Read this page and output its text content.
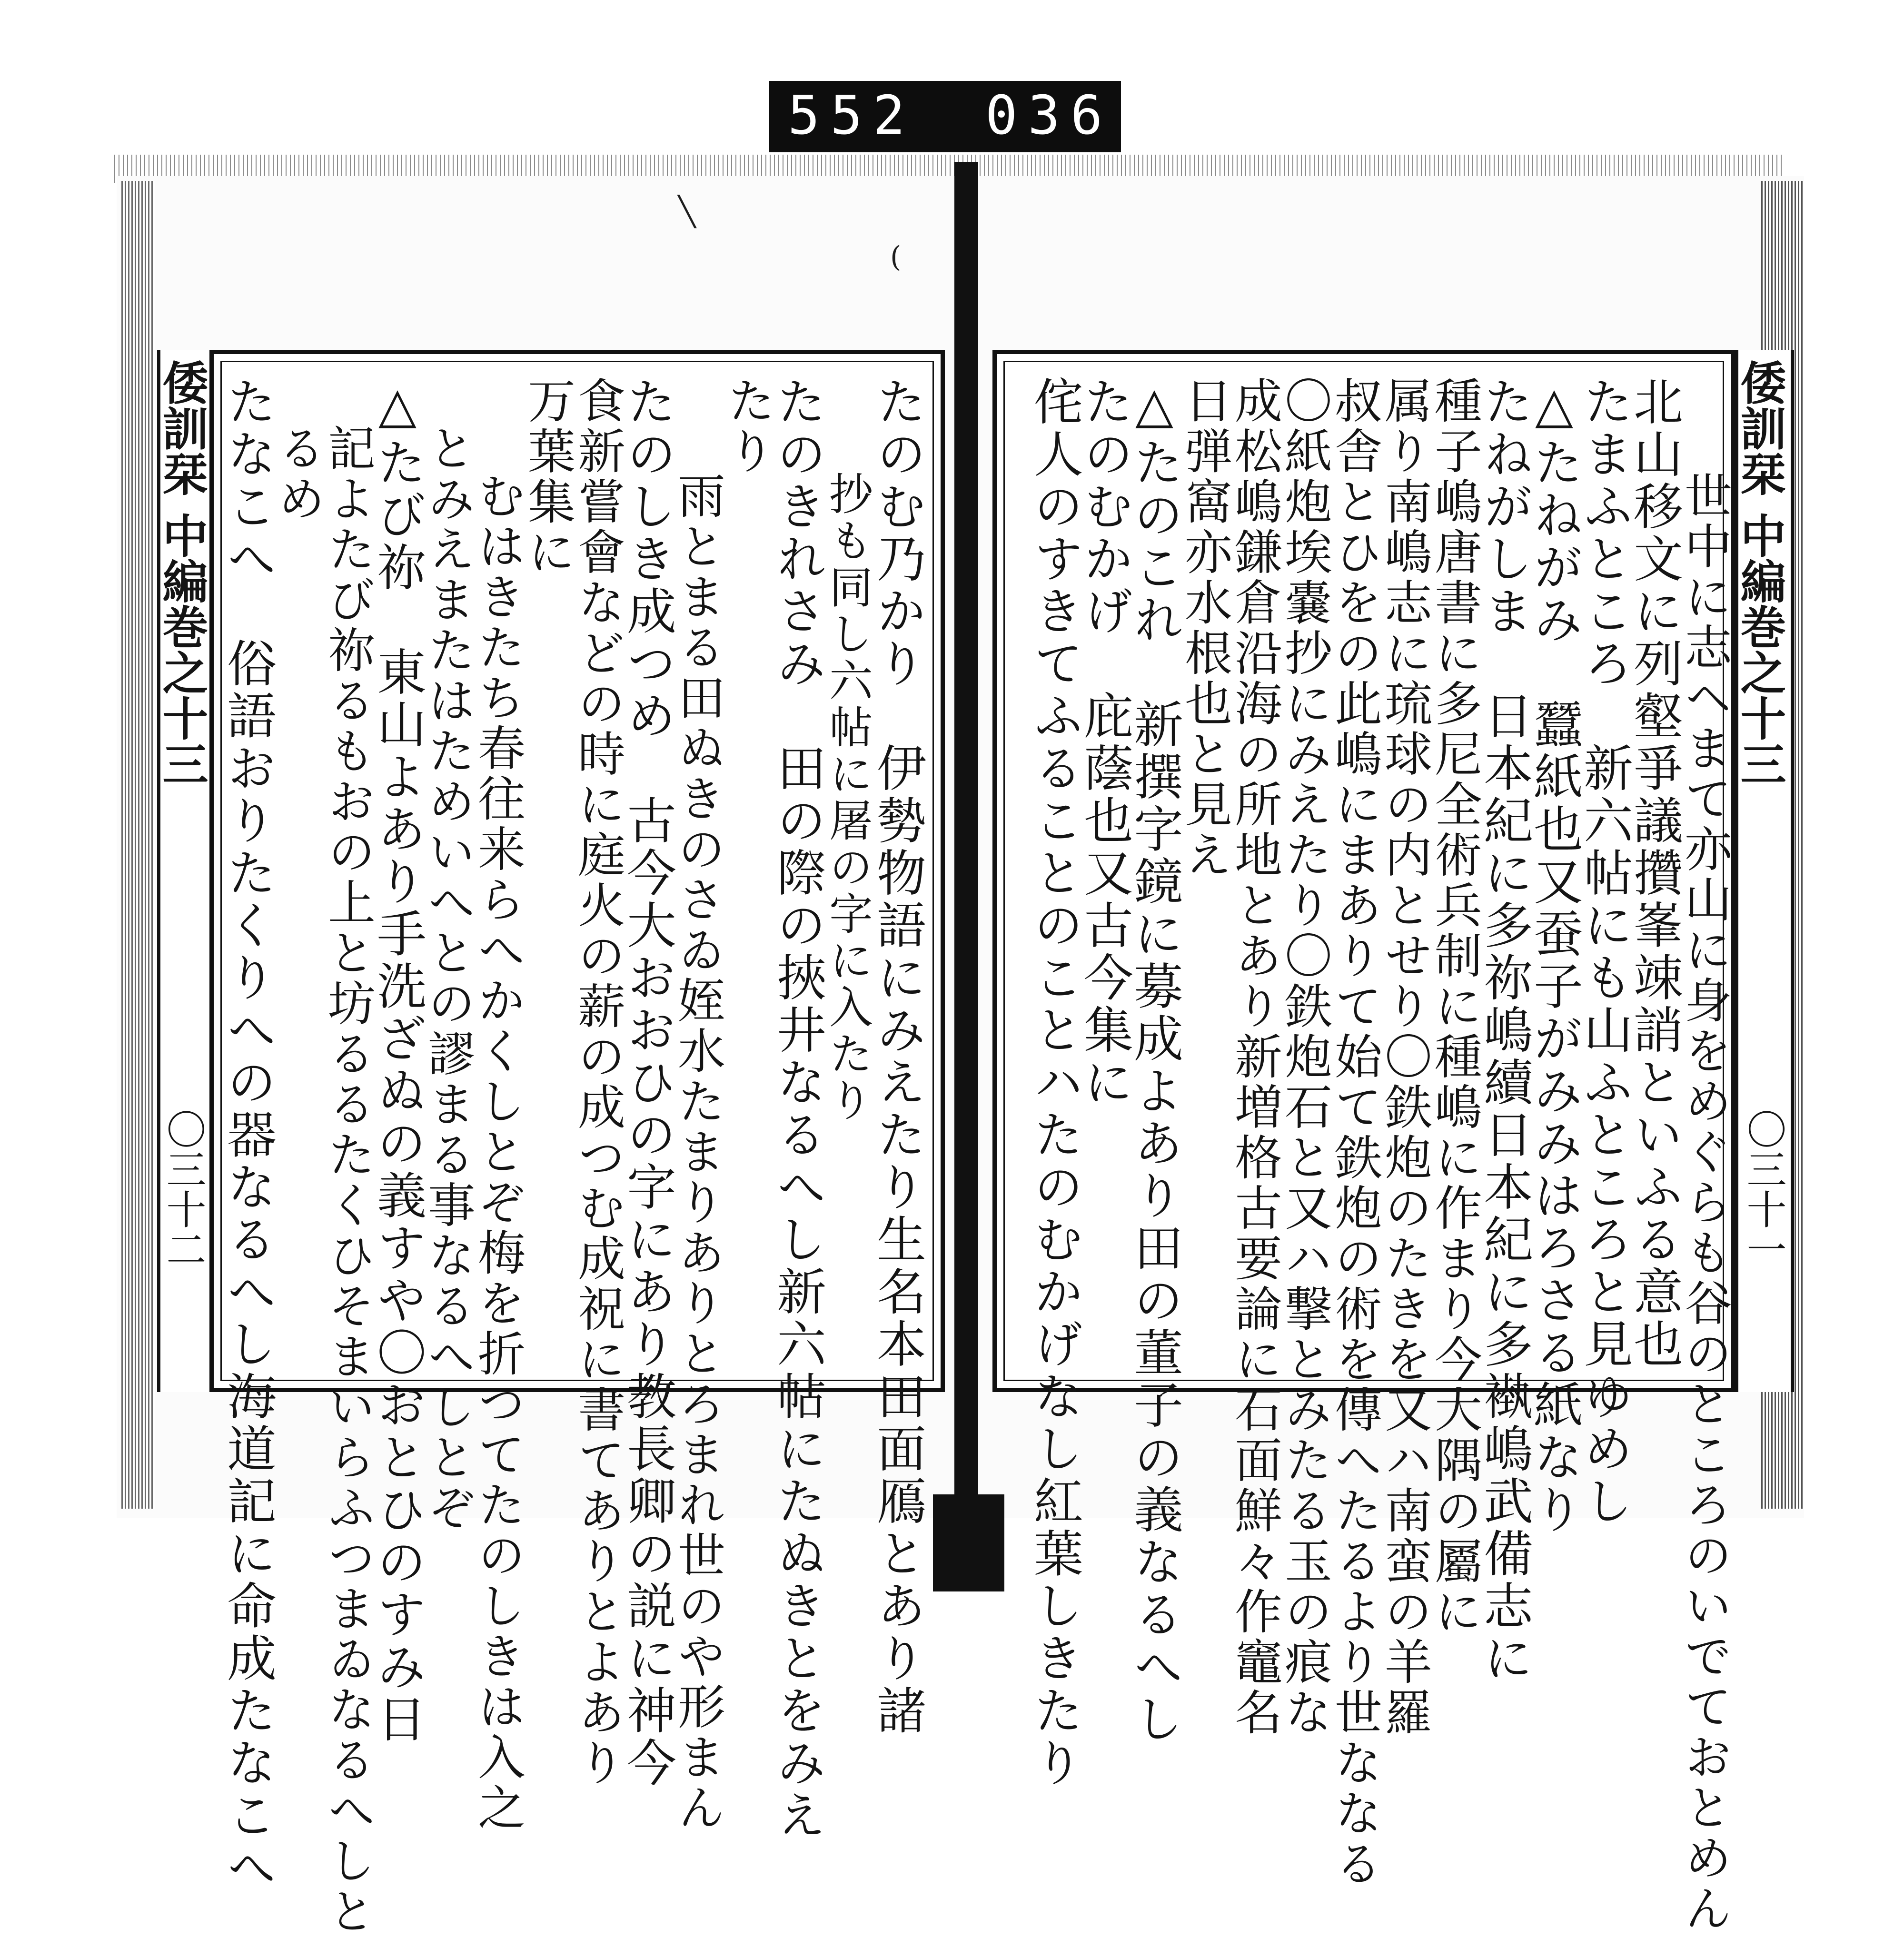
552 036
倭訓栞 中編巻之十三
〇三十二	たのむ乃かり　伊勢物語にみえたり生名本田面鴈とあり諸
抄も同し六帖に屠の字に入たり
たのきれさみ　田の際の挾井なるへし新六帖にたぬきとをみえ
たり
雨とまる田ぬきのさゐ姪水たまりありとろまれ世のや形まん
たのしき成つめ　古今大おおひの字にあり教長卿の説に神今
食新嘗會などの時に庭火の薪の成つむ成祝に書てありとよあり
万葉集に
むはきたち春往来らへかくしとぞ梅を折つてたのしきは入之
とみえまたはためいへとの謬まる事なるへしとぞ
△たび祢　東山よあり手洗ざぬの義すや〇おとひのすみ日
記よたび祢るもおの上と坊るるたくひそまいらふつまゐなるへしと
るめ
たなこへ　俗語おりたくりへの器なるへし海道記に命成たなこへ	倭訓栞 中編巻之十三
〇三十一
世中に志ヘまて亦山に身をめぐらも谷のところのいでておとめん
北山移文に列壑爭議攢峯竦誚といふる意也
たまふところ　新六帖にも山ふところと見ゆめし
△たねがみ　蠶紙也又蚕子がみみはろさる紙なり
たねがしま　日本紀に多祢嶋續日本紀に多褹嶋武備志に
種子嶋唐書に多尼全術兵制に種嶋に作まり今大隅の屬に
属り南嶋志に琉球の内とせり〇鉄炮のたきを又ハ南蛮の羊羅
叔舎とひをの此嶋にまありて始て鉄炮の術を傳へたるより世ななる
〇紙炮埃嚢抄にみえたり〇鉄炮石と又ハ撃とみたる玉の痕な
成松嶋鎌倉沿海の所地とあり新増格古要論に石面鮮々作竈名
日弾窩亦水根也と見え
△たのこれ　新撰字鏡に募成よあり田の董子の義なるへし
たのむかげ　庇蔭也又古今集に
侘人のすきてふることのことハたのむかげなし紅葉しきたり
╲
(
